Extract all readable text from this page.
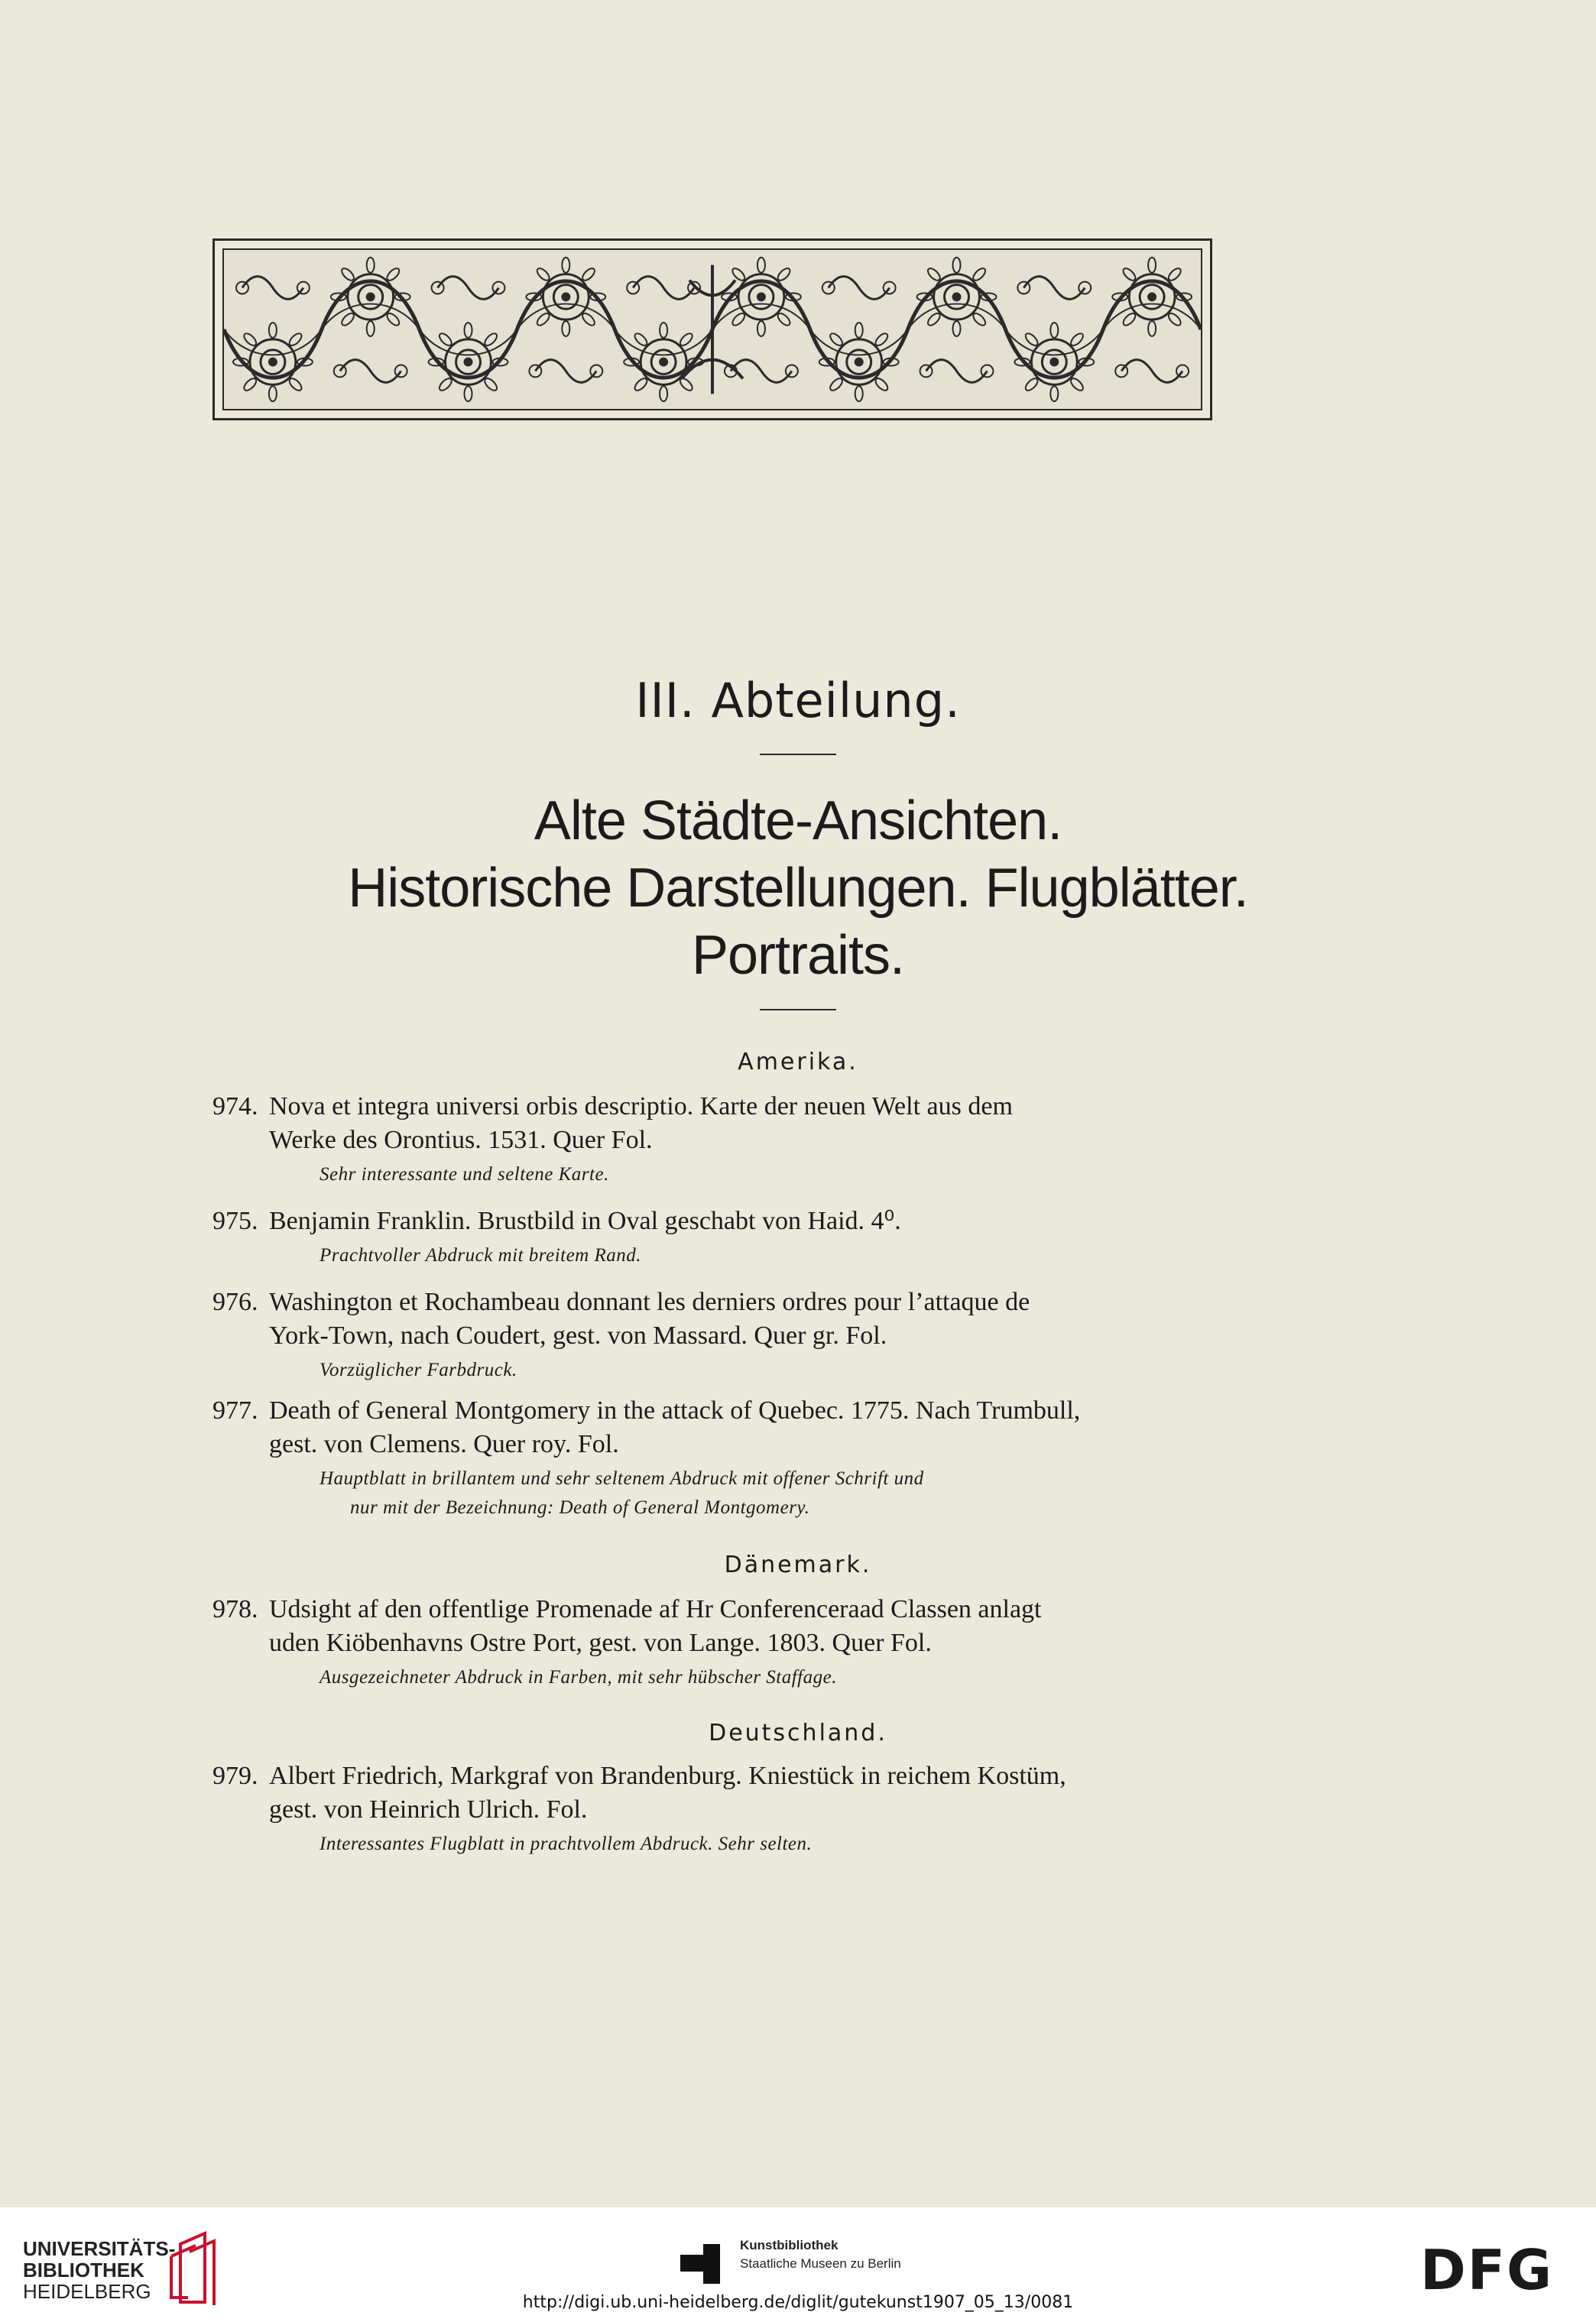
III. Abteilung.
Alte Städte-Ansichten.
Historische Darstellungen. Flugblätter.
Portraits.
Amerika.
974. Nova et integra universi orbis descriptio. Karte der neuen Welt aus dem
Werke des Orontius. 1531. Quer Fol.
Sehr interessante und seltene Karte.
975. Benjamin Franklin. Brustbild in Oval geschabt von Haid. 4⁰.
Prachtvoller Abdruck mit breitem Rand.
976. Washington et Rochambeau donnant les derniers ordres pour l’attaque de
York-Town, nach Coudert, gest. von Massard. Quer gr. Fol.
Vorzüglicher Farbdruck.
977. Death of General Montgomery in the attack of Quebec. 1775. Nach Trumbull,
gest. von Clemens. Quer roy. Fol.
Hauptblatt in brillantem und sehr seltenem Abdruck mit offener Schrift und
nur mit der Bezeichnung: Death of General Montgomery.
Dänemark.
978. Udsight af den offentlige Promenade af Hr Conferenceraad Classen anlagt
uden Kiöbenhavns Ostre Port, gest. von Lange. 1803. Quer Fol.
Ausgezeichneter Abdruck in Farben, mit sehr hübscher Staffage.
Deutschland.
979. Albert Friedrich, Markgraf von Brandenburg. Kniestück in reichem Kostüm,
gest. von Heinrich Ulrich. Fol.
Interessantes Flugblatt in prachtvollem Abdruck. Sehr selten.
UNIVERSITÄTS-
BIBLIOTHEK
HEIDELBERG
Kunstbibliothek
Staatliche Museen zu Berlin	DFG
http://digi.ub.uni-heidelberg.de/diglit/gutekunst1907_05_13/0081
